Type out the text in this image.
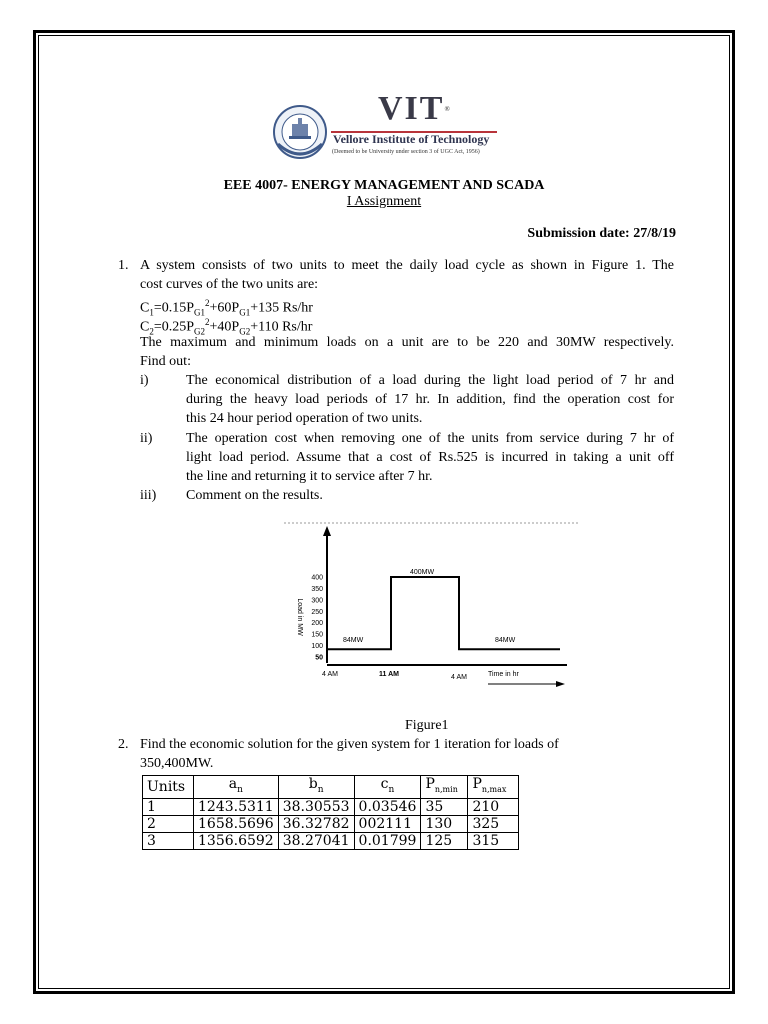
VIT®
Vellore Institute of Technology
(Deemed to be University under section 3 of UGC Act, 1956)
EEE 4007- ENERGY MANAGEMENT AND SCADA
I Assignment
Submission date: 27/8/19
1. A system consists of two units to meet the daily load cycle as shown in Figure 1. The
cost curves of the two units are:
$C_1=0.15P_{G1}^2+60P_{G1}+135$ Rs/hr
$C_2=0.25P_{G2}^2+40P_{G2}+110$ Rs/hr
The maximum and minimum loads on a unit are to be 220 and 30MW respectively.
Find out:
i)	The economical distribution of a load during the light load period of 7 hr and
during the heavy load periods of 17 hr. In addition, find the operation cost for
this 24 hour period operation of two units.
ii) The operation cost when removing one of the units from service during 7 hr of
light load period. Assume that a cost of Rs.525 is incurred in taking a unit off
the line and returning it to service after 7 hr.
iii) Comment on the results.
50
100
150
200
250
300
350
400
Load in MW
84MW
400MW
84MW
4 AM	11 AM	4 AM	Time in hr
Figure1
2. Find the economic solution for the given system for 1 iteration for loads of
350,400MW.
Units	$a_n$	$b_n$	$c_n$	$P_{n,min}$	$P_{n,max}$
1	1243.5311	38.30553	0.03546	35	210
2	1658.5696	36.32782	002111	130	325
3	1356.6592	38.27041	0.01799	125	315
